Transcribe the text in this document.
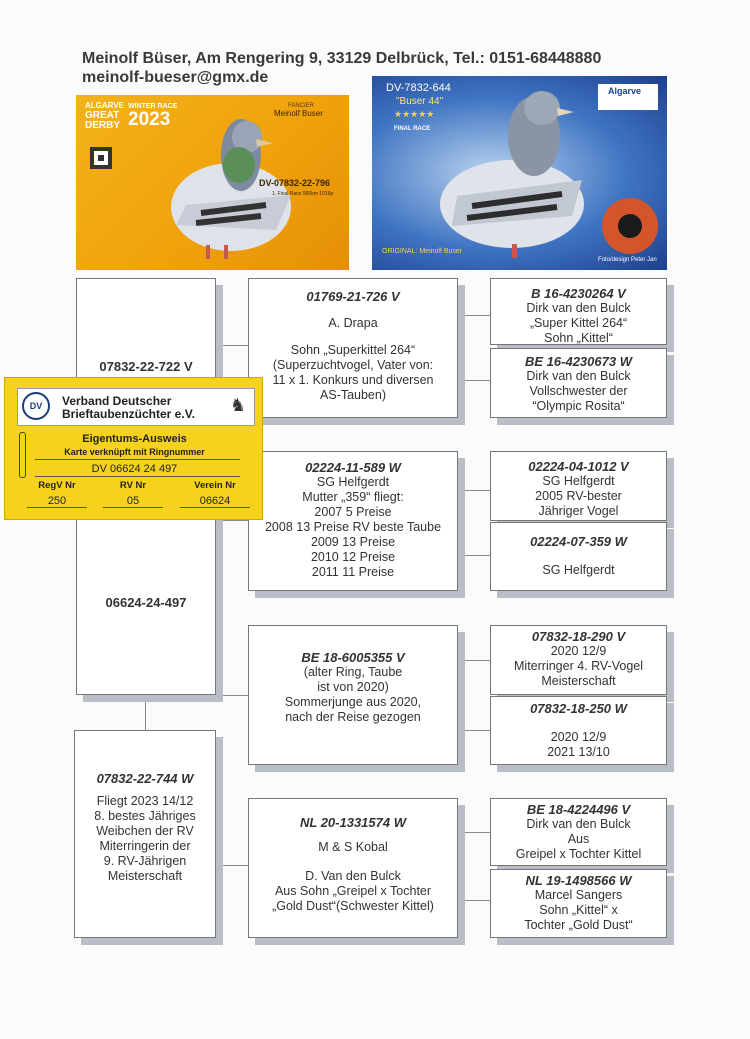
Meinolf Büser, Am Rengering 9, 33129 Delbrück, Tel.: 0151-68448880
meinolf-bueser@gmx.de
ALGARVE
GREAT
DERBY
WINTER RACE
2023
FANCIER
Meinolf Buser
DV-07832-22-796
1. Final Race 900km 1016p
DV-7832-644
"Buser 44"
★★★★★
FINAL RACE
Algarve
ORIGINAL: Meinolf Buser
Foto/design Peter Jan
07832-22-722 V
06624-24-497
07832-22-744 W
Fliegt 2023 14/12
8. bestes Jähriges
Weibchen der RV
Miterringerin der
9. RV-Jährigen
Meisterschaft
01769-21-726 V
A. Drapa
Sohn „Superkittel 264“
(Superzuchtvogel, Vater von:
11 x 1. Konkurs und diversen
AS-Tauben)
02224-11-589 W
SG Helfgerdt
Mutter „359“ fliegt:
2007 5 Preise
2008 13 Preise RV beste Taube
2009 13 Preise
2010 12 Preise
2011 11 Preise
BE 18-6005355 V
(alter Ring, Taube
ist von 2020)
Sommerjunge aus 2020,
nach der Reise gezogen
NL 20-1331574 W
M & S Kobal
D. Van den Bulck
Aus Sohn „Greipel x Tochter
„Gold Dust“(Schwester Kittel)
B 16-4230264 V
Dirk van den Bulck
„Super Kittel 264“
Sohn „Kittel“
BE 16-4230673 W
Dirk van den Bulck
Vollschwester der
“Olympic Rosita“
02224-04-1012 V
SG Helfgerdt
2005 RV-bester
Jähriger Vogel
02224-07-359 W
SG Helfgerdt
07832-18-290 V
2020 12/9
Miterringer 4. RV-Vogel
Meisterschaft
07832-18-250 W
2020 12/9
2021 13/10
BE 18-4224496 V
Dirk van den Bulck
Aus
Greipel x Tochter Kittel
NL 19-1498566 W
Marcel Sangers
Sohn „Kittel“ x
Tochter „Gold Dust“
DV	Verband Deutscher
Brieftaubenzüchter e.V. ♞
Eigentums-Ausweis
Karte verknüpft mit Ringnummer
DV 06624 24 497
RegV Nr	RV Nr	Verein Nr
250	05	06624
